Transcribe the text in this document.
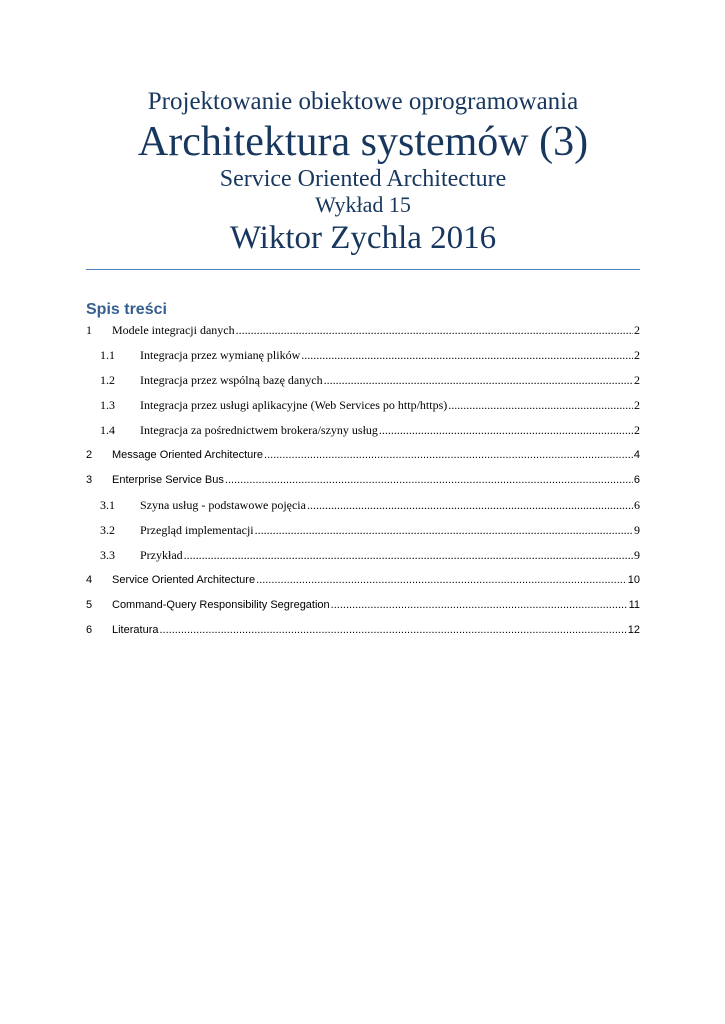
Projektowanie obiektowe oprogramowania
Architektura systemów (3)
Service Oriented Architecture
Wykład 15
Wiktor Zychla 2016
Spis treści
1	Modele integracji danych .....	2
1.1	Integracja przez wymianę plików .....	2
1.2	Integracja przez wspólną bazę danych .....	2
1.3	Integracja przez usługi aplikacyjne (Web Services po http/https) .....	2
1.4	Integracja za pośrednictwem brokera/szyny usług .....	2
2	Message Oriented Architecture .....	4
3	Enterprise Service Bus .....	6
3.1	Szyna usług - podstawowe pojęcia .....	6
3.2	Przegląd implementacji .....	9
3.3	Przykład .....	9
4	Service Oriented Architecture .....	10
5	Command-Query Responsibility Segregation .....	11
6	Literatura .....	12
